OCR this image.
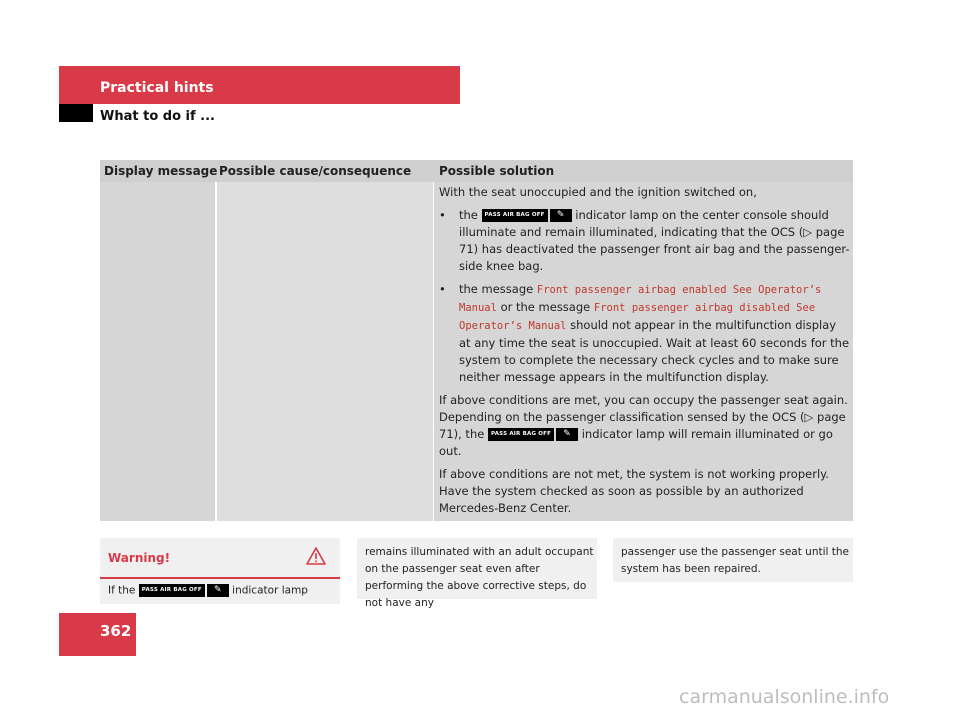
Practical hints
What to do if ...
Display message Possible cause/consequence Possible solution

With the seat unoccupied and the ignition switched on,

• the PASS AIR BAG OFF ✎ indicator lamp on the center console should illuminate and remain illuminated, indicating that the OCS (▷ page 71) has deactivated the passenger front air bag and the passenger-side knee bag.
• the message Front passenger airbag enabled See Operator’s Manual or the message Front passenger airbag disabled See Operator’s Manual should not appear in the multifunction display at any time the seat is unoccupied. Wait at least 60 seconds for the system to complete the necessary check cycles and to make sure neither message appears in the multifunction display.

If above conditions are met, you can occupy the passenger seat again. Depending on the passenger classification sensed by the OCS (▷ page 71), the PASS AIR BAG OFF ✎ indicator lamp will remain illuminated or go out.

If above conditions are not met, the system is not working properly. Have the system checked as soon as possible by an authorized Mercedes-Benz Center.

Warning!
If the PASS AIR BAG OFF ✎ indicator lamp

remains illuminated with an adult occupant on the passenger seat even after performing the above corrective steps, do not have any

passenger use the passenger seat until the system has been repaired.

362
carmanualsonline.info
